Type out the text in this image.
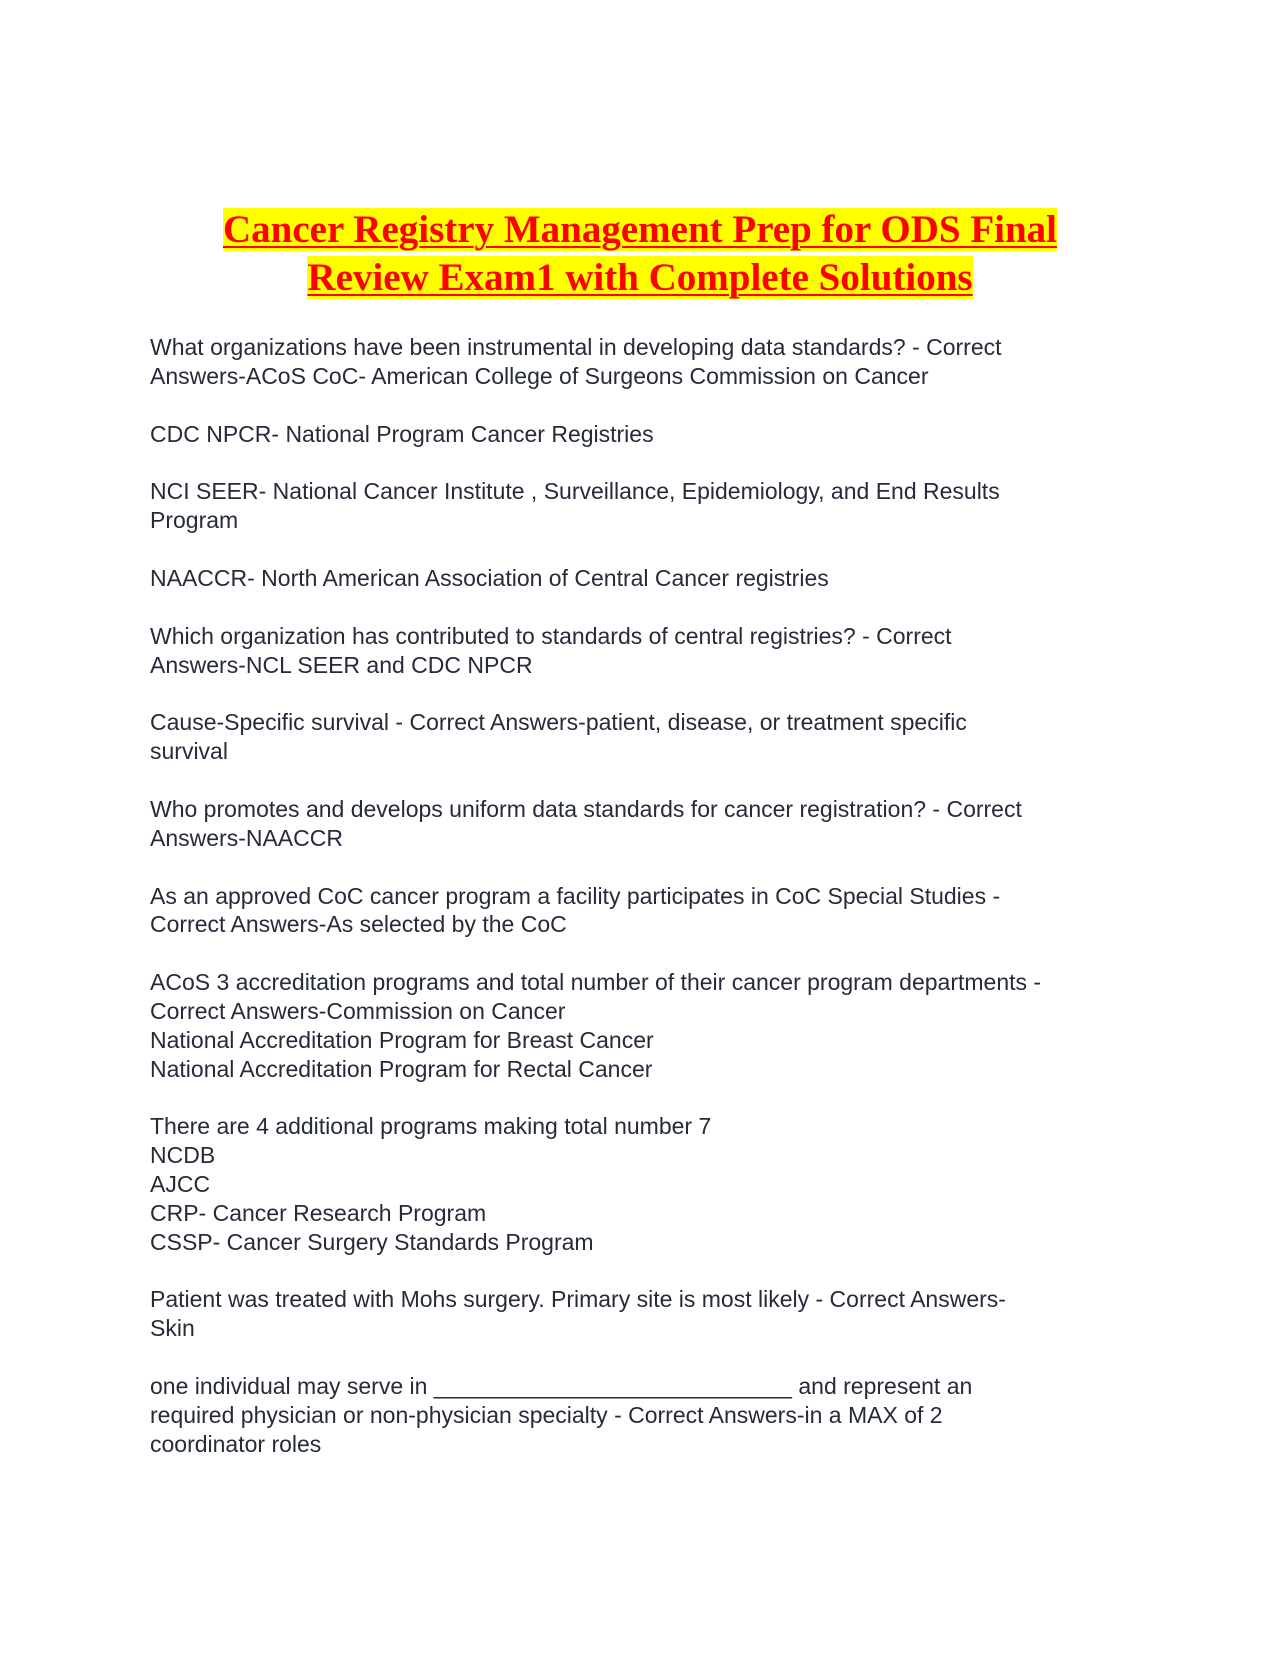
Cancer Registry Management Prep for ODS Final
Review Exam1 with Complete Solutions

What organizations have been instrumental in developing data standards? - Correct
Answers-ACoS CoC- American College of Surgeons Commission on Cancer

CDC NPCR- National Program Cancer Registries

NCI SEER- National Cancer Institute , Surveillance, Epidemiology, and End Results
Program

NAACCR- North American Association of Central Cancer registries

Which organization has contributed to standards of central registries? - Correct
Answers-NCL SEER and CDC NPCR

Cause-Specific survival - Correct Answers-patient, disease, or treatment specific
survival

Who promotes and develops uniform data standards for cancer registration? - Correct
Answers-NAACCR

As an approved CoC cancer program a facility participates in CoC Special Studies -
Correct Answers-As selected by the CoC

ACoS 3 accreditation programs and total number of their cancer program departments -
Correct Answers-Commission on Cancer
National Accreditation Program for Breast Cancer
National Accreditation Program for Rectal Cancer

There are 4 additional programs making total number 7
NCDB
AJCC
CRP- Cancer Research Program
CSSP- Cancer Surgery Standards Program

Patient was treated with Mohs surgery. Primary site is most likely - Correct Answers-
Skin

one individual may serve in ____________________________ and represent an
required physician or non-physician specialty - Correct Answers-in a MAX of 2
coordinator roles
